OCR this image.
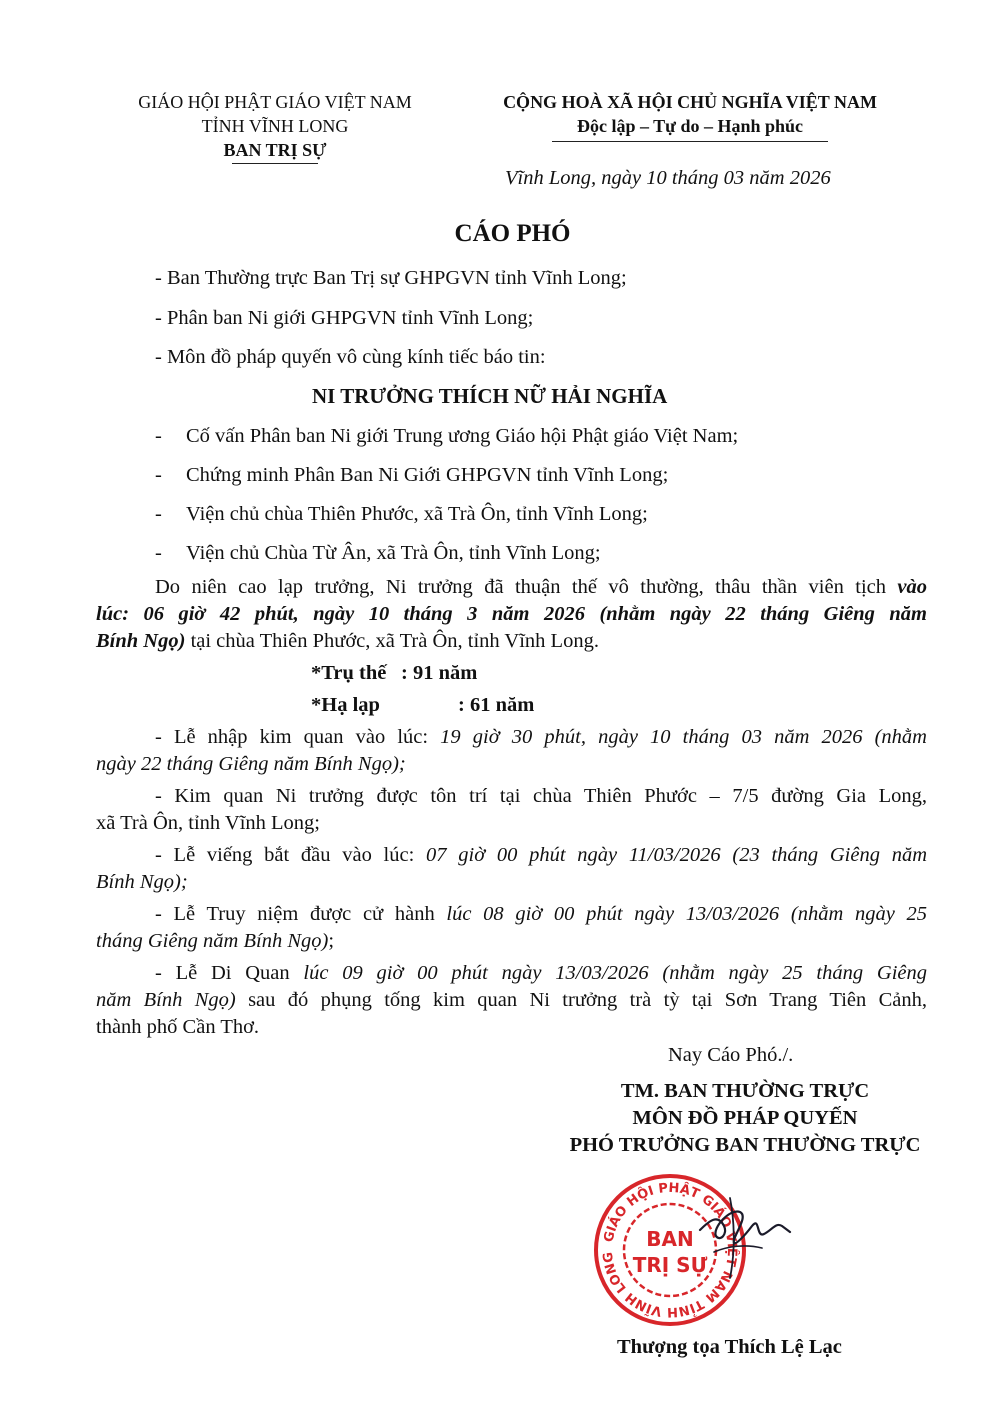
GIÁO HỘI PHẬT GIÁO VIỆT NAM
TỈNH VĨNH LONG
BAN TRỊ SỰ
CỘNG HOÀ XÃ HỘI CHỦ NGHĨA VIỆT NAM
Độc lập – Tự do – Hạnh phúc
Vĩnh Long, ngày 10 tháng 03 năm 2026
CÁO PHÓ
- Ban Thường trực Ban Trị sự GHPGVN tỉnh Vĩnh Long;
- Phân ban Ni giới GHPGVN tỉnh Vĩnh Long;
- Môn đồ pháp quyến vô cùng kính tiếc báo tin:
NI TRƯỞNG THÍCH NỮ HẢI NGHĨA
- Cố vấn Phân ban Ni giới Trung ương Giáo hội Phật giáo Việt Nam;
- Chứng minh Phân Ban Ni Giới GHPGVN tỉnh Vĩnh Long;
- Viện chủ chùa Thiên Phước, xã Trà Ôn, tỉnh Vĩnh Long;
- Viện chủ Chùa Từ Ân, xã Trà Ôn, tỉnh Vĩnh Long;
Do niên cao lạp trưởng, Ni trưởng đã thuận thế vô thường, thâu thần viên tịch vào
lúc: 06 giờ 42 phút, ngày 10 tháng 3 năm 2026 (nhằm ngày 22 tháng Giêng năm
Bính Ngọ) tại chùa Thiên Phước, xã Trà Ôn, tỉnh Vĩnh Long.
*Trụ thế : 91 năm
*Hạ lạp	: 61 năm
- Lễ nhập kim quan vào lúc: 19 giờ 30 phút, ngày 10 tháng 03 năm 2026 (nhằm
ngày 22 tháng Giêng năm Bính Ngọ);
- Kim quan Ni trưởng được tôn trí tại chùa Thiên Phước – 7/5 đường Gia Long,
xã Trà Ôn, tỉnh Vĩnh Long;
- Lễ viếng bắt đầu vào lúc: 07 giờ 00 phút ngày 11/03/2026 (23 tháng Giêng năm
Bính Ngọ);
- Lễ Truy niệm được cử hành lúc 08 giờ 00 phút ngày 13/03/2026 (nhằm ngày 25
tháng Giêng năm Bính Ngọ);
- Lễ Di Quan lúc 09 giờ 00 phút ngày 13/03/2026 (nhằm ngày 25 tháng Giêng
năm Bính Ngọ) sau đó phụng tống kim quan Ni trưởng trà tỳ tại Sơn Trang Tiên Cảnh,
thành phố Cần Thơ.
Nay Cáo Phó./.
TM. BAN THƯỜNG TRỰC
MÔN ĐỒ PHÁP QUYẾN
PHÓ TRƯỞNG BAN THƯỜNG TRỰC
GIÁO HỘI PHẬT GIÁO VIỆT NAM TỈNH VĨNH LONG
BAN
TRỊ SỰ
Thượng tọa Thích Lệ Lạc
